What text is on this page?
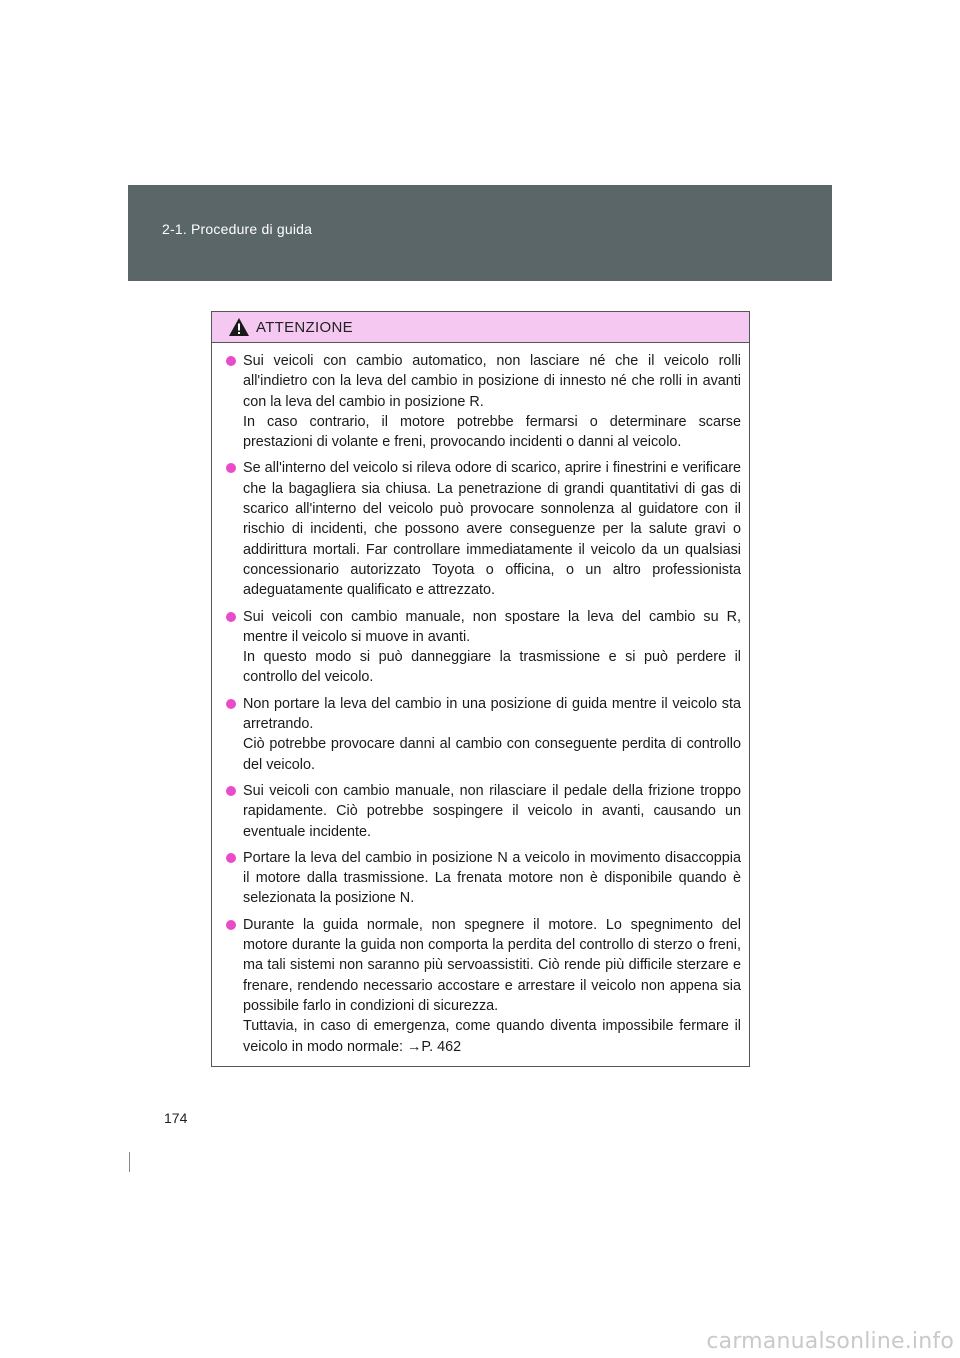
2-1. Procedure di guida
ATTENZIONE
Sui veicoli con cambio automatico, non lasciare né che il veicolo rolli all'indietro con la leva del cambio in posizione di innesto né che rolli in avanti con la leva del cambio in posizione R.
In caso contrario, il motore potrebbe fermarsi o determinare scarse prestazioni di volante e freni, provocando incidenti o danni al veicolo.
Se all'interno del veicolo si rileva odore di scarico, aprire i finestrini e verificare che la bagagliera sia chiusa. La penetrazione di grandi quantitativi di gas di scarico all'interno del veicolo può provocare sonnolenza al guidatore con il rischio di incidenti, che possono avere conseguenze per la salute gravi o addirittura mortali. Far controllare immediatamente il veicolo da un qualsiasi concessionario autorizzato Toyota o officina, o un altro professionista adeguatamente qualificato e attrezzato.
Sui veicoli con cambio manuale, non spostare la leva del cambio su R, mentre il veicolo si muove in avanti.
In questo modo si può danneggiare la trasmissione e si può perdere il controllo del veicolo.
Non portare la leva del cambio in una posizione di guida mentre il veicolo sta arretrando.
Ciò potrebbe provocare danni al cambio con conseguente perdita di controllo del veicolo.
Sui veicoli con cambio manuale, non rilasciare il pedale della frizione troppo rapidamente. Ciò potrebbe sospingere il veicolo in avanti, causando un eventuale incidente.
Portare la leva del cambio in posizione N a veicolo in movimento disaccoppia il motore dalla trasmissione. La frenata motore non è disponibile quando è selezionata la posizione N.
Durante la guida normale, non spegnere il motore. Lo spegnimento del motore durante la guida non comporta la perdita del controllo di sterzo o freni, ma tali sistemi non saranno più servoassistiti. Ciò rende più difficile sterzare e frenare, rendendo necessario accostare e arrestare il veicolo non appena sia possibile farlo in condizioni di sicurezza.
Tuttavia, in caso di emergenza, come quando diventa impossibile fermare il veicolo in modo normale: →P. 462
174
carmanualsonline.info
